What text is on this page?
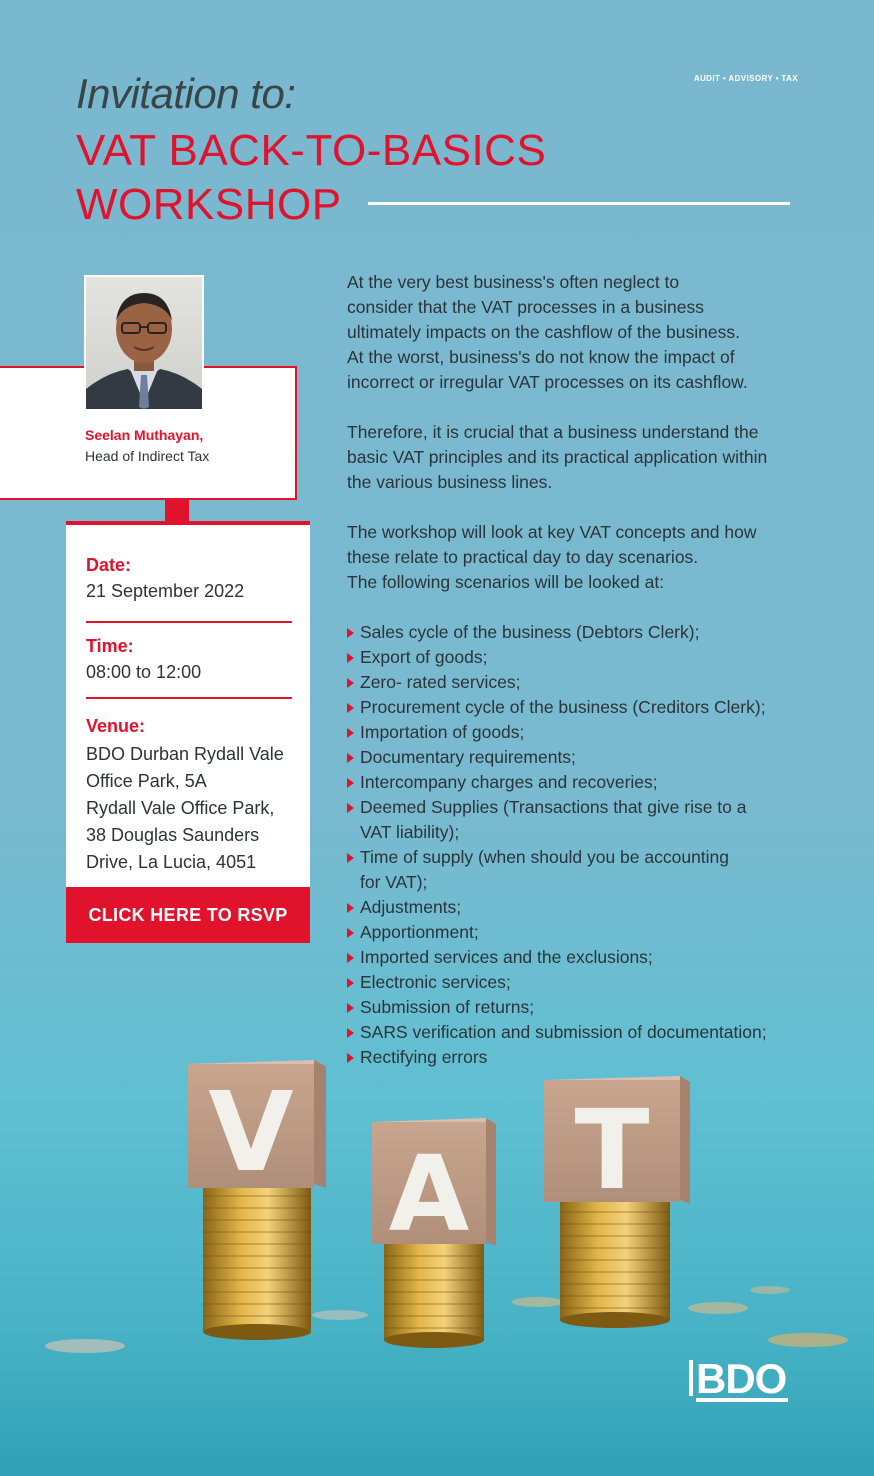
AUDIT • ADVISORY • TAX
Invitation to:
VAT BACK-TO-BASICS
WORKSHOP
Seelan Muthayan,
Head of Indirect Tax
Date:
21 September 2022
Time:
08:00 to 12:00
Venue:
BDO Durban Rydall Vale
Office Park, 5A
Rydall Vale Office Park,
38 Douglas Saunders
Drive, La Lucia, 4051
CLICK HERE TO RSVP
At the very best business's often neglect to
consider that the VAT processes in a business
ultimately impacts on the cashflow of the business.
At the worst, business's do not know the impact of
incorrect or irregular VAT processes on its cashflow.
Therefore, it is crucial that a business understand the
basic VAT principles and its practical application within
the various business lines.
The workshop will look at key VAT concepts and how
these relate to practical day to day scenarios.
The following scenarios will be looked at:
Sales cycle of the business (Debtors Clerk);
Export of goods;
Zero- rated services;
Procurement cycle of the business (Creditors Clerk);
Importation of goods;
Documentary requirements;
Intercompany charges and recoveries;
Deemed Supplies (Transactions that give rise to a
VAT liability);
Time of supply (when should you be accounting
for VAT);
Adjustments;
Apportionment;
Imported services and the exclusions;
Electronic services;
Submission of returns;
SARS verification and submission of documentation;
Rectifying errors
V A T
BDO
